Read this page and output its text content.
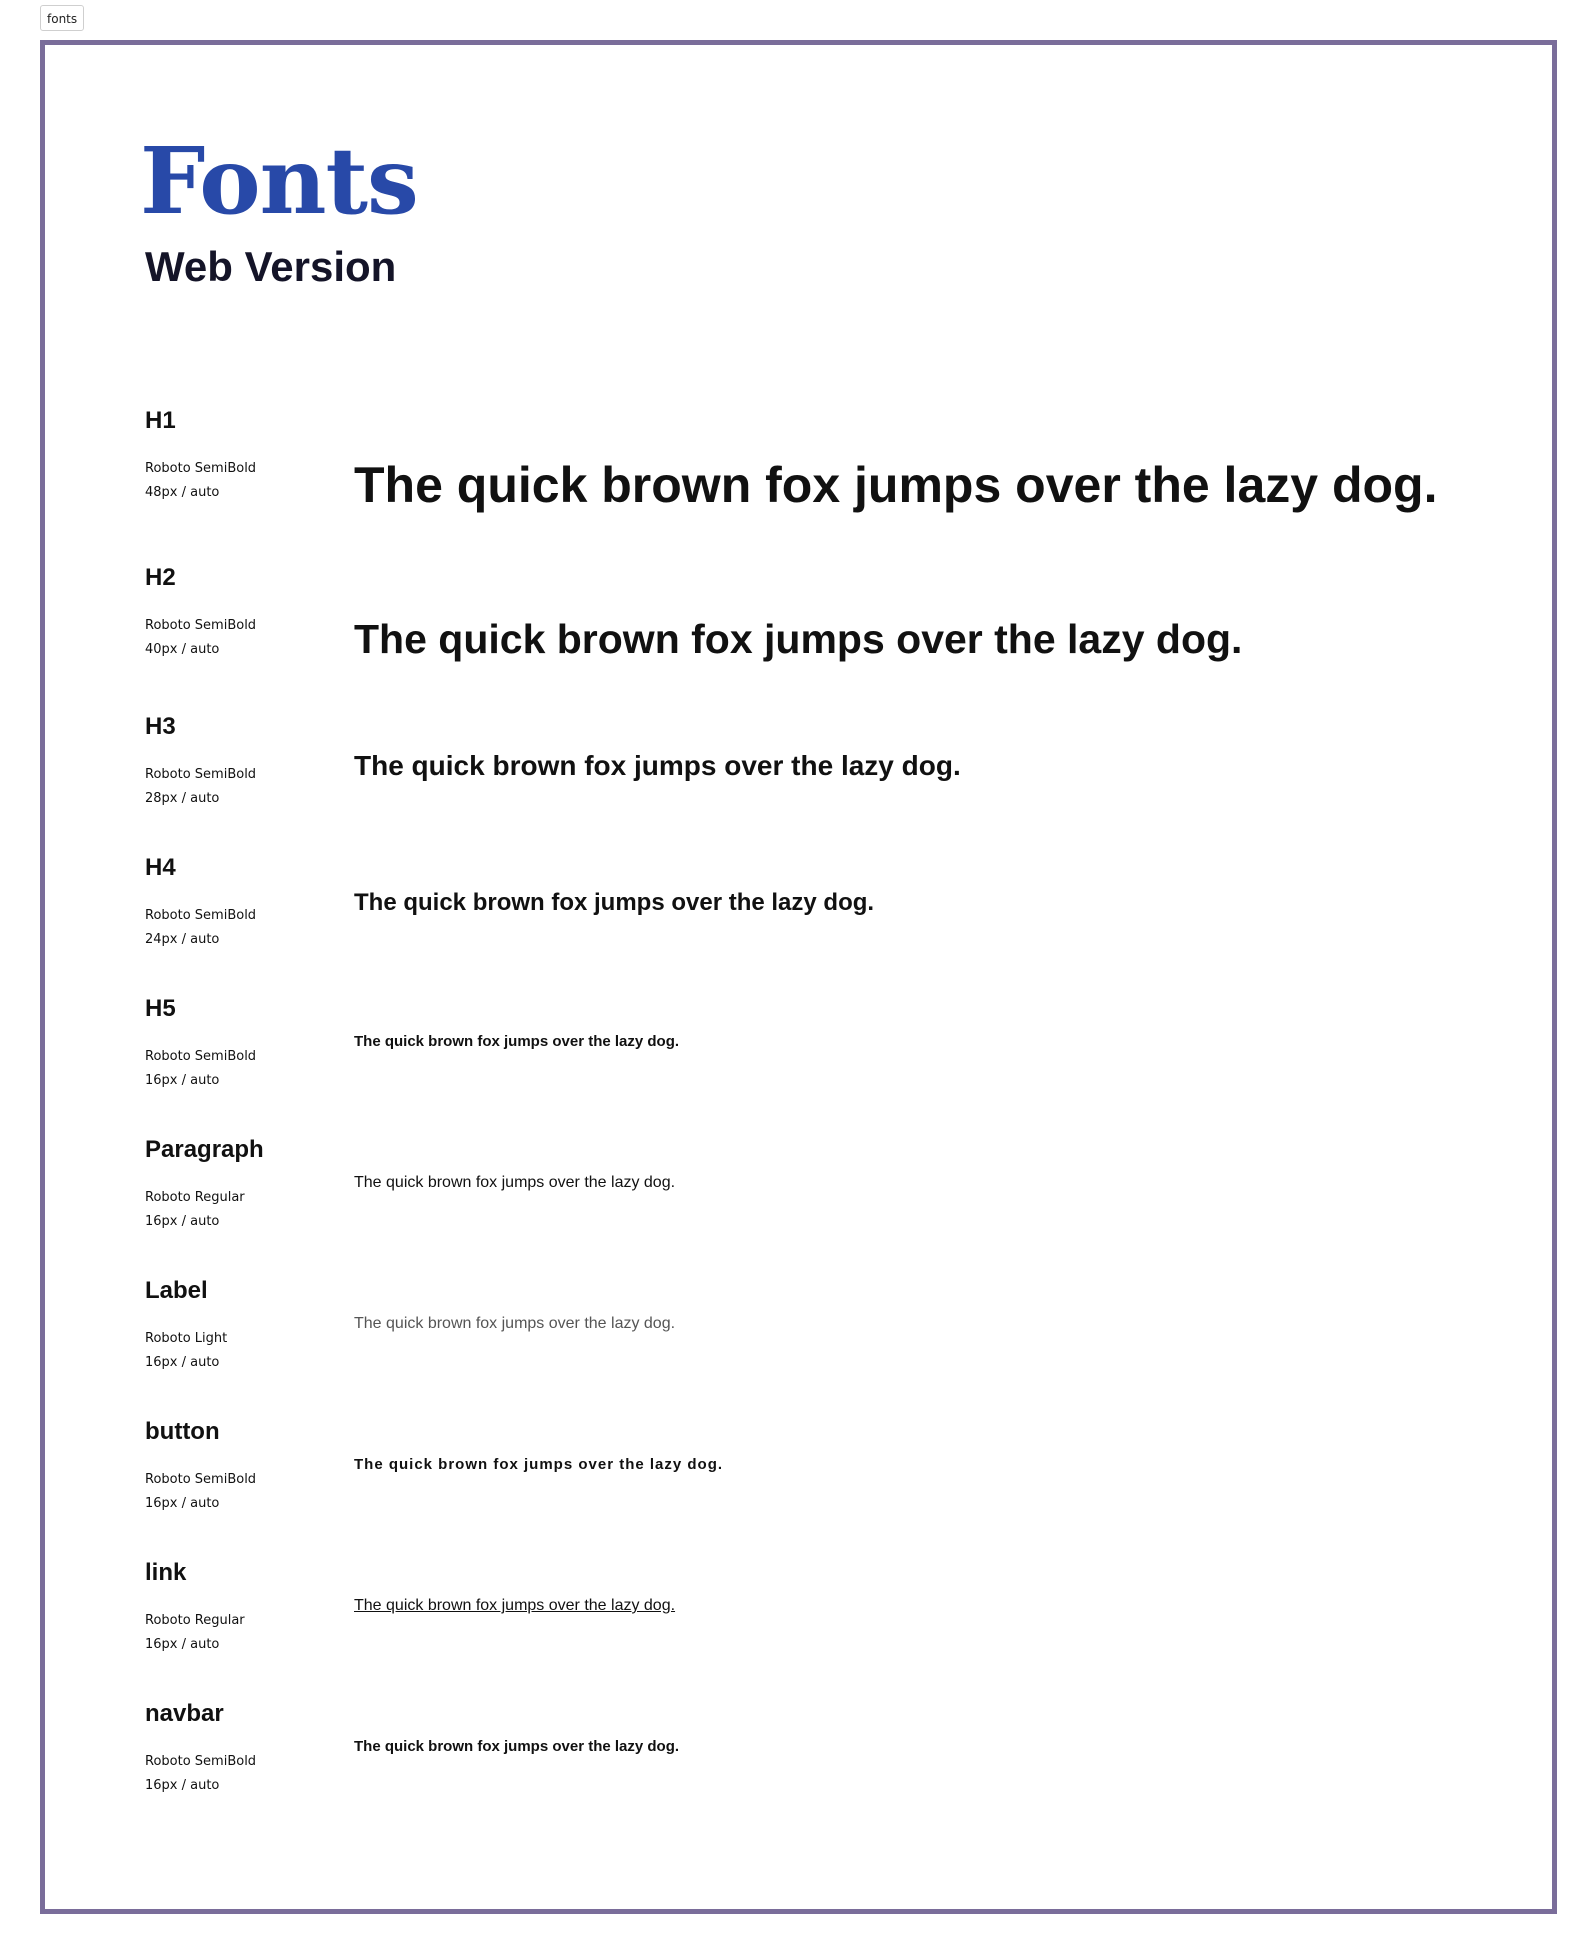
fonts
Fonts
Web Version
H1
Roboto SemiBold
48px / auto	The quick brown fox jumps over the lazy dog.
H2
Roboto SemiBold
40px / auto	The quick brown fox jumps over the lazy dog.
H3
Roboto SemiBold
28px / auto
The quick brown fox jumps over the lazy dog.
H4
Roboto SemiBold
24px / auto
The quick brown fox jumps over the lazy dog.
H5
Roboto SemiBold
16px / auto
The quick brown fox jumps over the lazy dog.
Paragraph
Roboto Regular
16px / auto
The quick brown fox jumps over the lazy dog.
Label
Roboto Light
16px / auto
The quick brown fox jumps over the lazy dog.
button
Roboto SemiBold
16px / auto
The quick brown fox jumps over the lazy dog.
link
Roboto Regular
16px / auto
The quick brown fox jumps over the lazy dog.
navbar
Roboto SemiBold
16px / auto
The quick brown fox jumps over the lazy dog.
